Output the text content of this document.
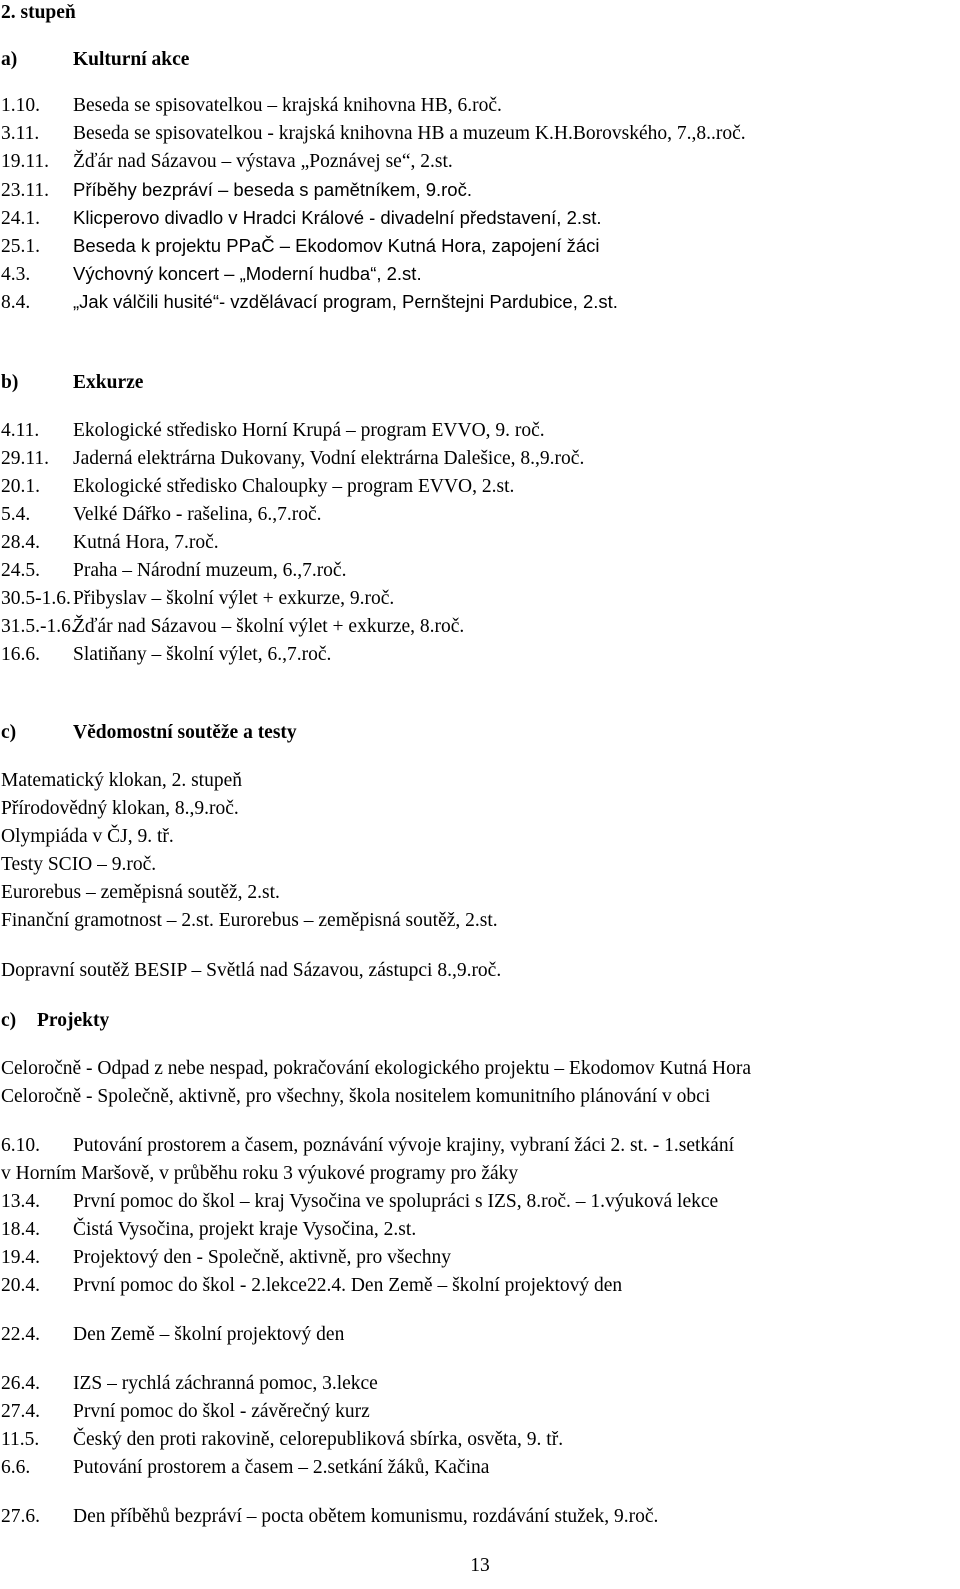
2. stupeň
a)	Kulturní akce
1.10. Beseda se spisovatelkou – krajská knihovna HB, 6.roč.
3.11. Beseda se spisovatelkou - krajská knihovna HB a muzeum K.H.Borovského, 7.,8..roč.
19.11. Žďár nad Sázavou – výstava „Poznávej se“, 2.st.
23.11. Příběhy bezpráví – beseda s pamětníkem, 9.roč.
24.1. Klicperovo divadlo v Hradci Králové - divadelní představení, 2.st.
25.1. Beseda k projektu PPaČ – Ekodomov Kutná Hora, zapojení žáci
4.3. Výchovný koncert – „Moderní hudba“, 2.st.
8.4. „Jak válčili husité“- vzdělávací program, Pernštejni Pardubice, 2.st.
b)	Exkurze
4.11. Ekologické středisko Horní Krupá – program EVVO, 9. roč.
29.11. Jaderná elektrárna Dukovany, Vodní elektrárna Dalešice, 8.,9.roč.
20.1. Ekologické středisko Chaloupky – program EVVO, 2.st.
5.4. Velké Dářko - rašelina, 6.,7.roč.
28.4. Kutná Hora, 7.roč.
24.5. Praha – Národní muzeum, 6.,7.roč.
30.5-1.6. Přibyslav – školní výlet + exkurze, 9.roč.
31.5.-1.6.Žďár nad Sázavou – školní výlet + exkurze, 8.roč.
16.6. Slatiňany – školní výlet, 6.,7.roč.
c)	Vědomostní soutěže a testy
Matematický klokan, 2. stupeň
Přírodovědný klokan, 8.,9.roč.
Olympiáda v ČJ, 9. tř.
Testy SCIO – 9.roč.
Eurorebus – zeměpisná soutěž, 2.st.
Finanční gramotnost – 2.st. Eurorebus – zeměpisná soutěž, 2.st.
Dopravní soutěž BESIP – Světlá nad Sázavou, zástupci 8.,9.roč.
c) Projekty
Celoročně - Odpad z nebe nespad, pokračování ekologického projektu – Ekodomov Kutná Hora
Celoročně - Společně, aktivně, pro všechny, škola nositelem komunitního plánování v obci
6.10. Putování prostorem a časem, poznávání vývoje krajiny, vybraní žáci 2. st. - 1.setkání
v Horním Maršově, v průběhu roku 3 výukové programy pro žáky
13.4. První pomoc do škol – kraj Vysočina ve spolupráci s IZS, 8.roč. – 1.výuková lekce
18.4. Čistá Vysočina, projekt kraje Vysočina, 2.st.
19.4. Projektový den - Společně, aktivně, pro všechny
20.4. První pomoc do škol - 2.lekce22.4. Den Země – školní projektový den
22.4. Den Země – školní projektový den
26.4. IZS – rychlá záchranná pomoc, 3.lekce
27.4. První pomoc do škol - závěrečný kurz
11.5. Český den proti rakovině, celorepubliková sbírka, osvěta, 9. tř.
6.6. Putování prostorem a časem – 2.setkání žáků, Kačina
27.6. Den příběhů bezpráví – pocta obětem komunismu, rozdávání stužek, 9.roč.
13
